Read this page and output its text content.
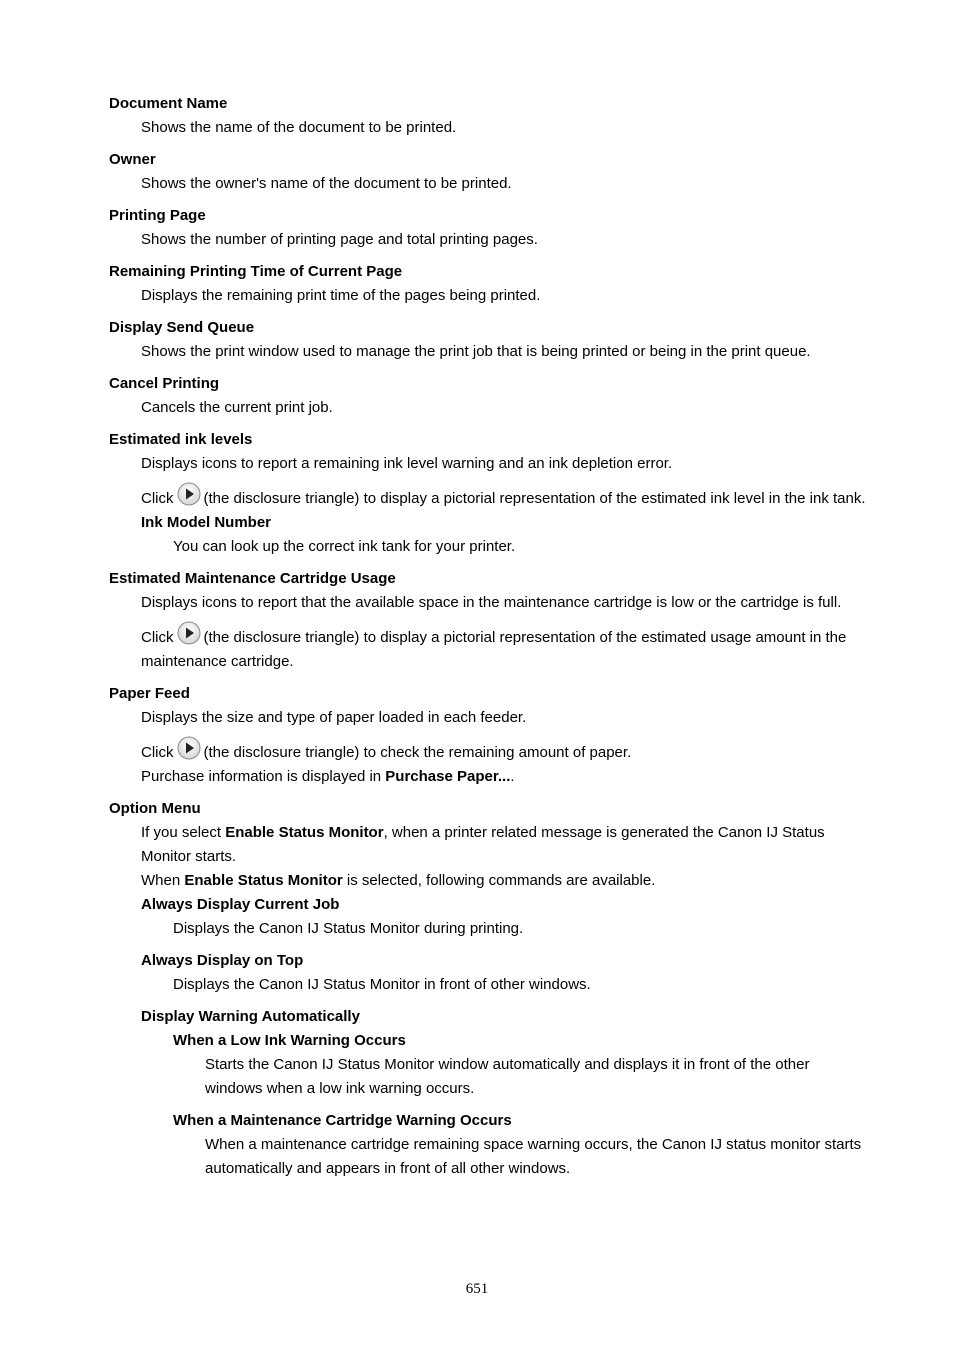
Document Name
Shows the name of the document to be printed.
Owner
Shows the owner's name of the document to be printed.
Printing Page
Shows the number of printing page and total printing pages.
Remaining Printing Time of Current Page
Displays the remaining print time of the pages being printed.
Display Send Queue
Shows the print window used to manage the print job that is being printed or being in the print queue.
Cancel Printing
Cancels the current print job.
Estimated ink levels
Displays icons to report a remaining ink level warning and an ink depletion error.
Click (the disclosure triangle) to display a pictorial representation of the estimated ink level in the ink tank.
Ink Model Number
You can look up the correct ink tank for your printer.
Estimated Maintenance Cartridge Usage
Displays icons to report that the available space in the maintenance cartridge is low or the cartridge is full.
Click (the disclosure triangle) to display a pictorial representation of the estimated usage amount in the maintenance cartridge.
Paper Feed
Displays the size and type of paper loaded in each feeder.
Click (the disclosure triangle) to check the remaining amount of paper.
Purchase information is displayed in Purchase Paper....
Option Menu
If you select Enable Status Monitor, when a printer related message is generated the Canon IJ Status Monitor starts.
When Enable Status Monitor is selected, following commands are available.
Always Display Current Job
Displays the Canon IJ Status Monitor during printing.
Always Display on Top
Displays the Canon IJ Status Monitor in front of other windows.
Display Warning Automatically
When a Low Ink Warning Occurs
Starts the Canon IJ Status Monitor window automatically and displays it in front of the other windows when a low ink warning occurs.
When a Maintenance Cartridge Warning Occurs
When a maintenance cartridge remaining space warning occurs, the Canon IJ status monitor starts automatically and appears in front of all other windows.
651
